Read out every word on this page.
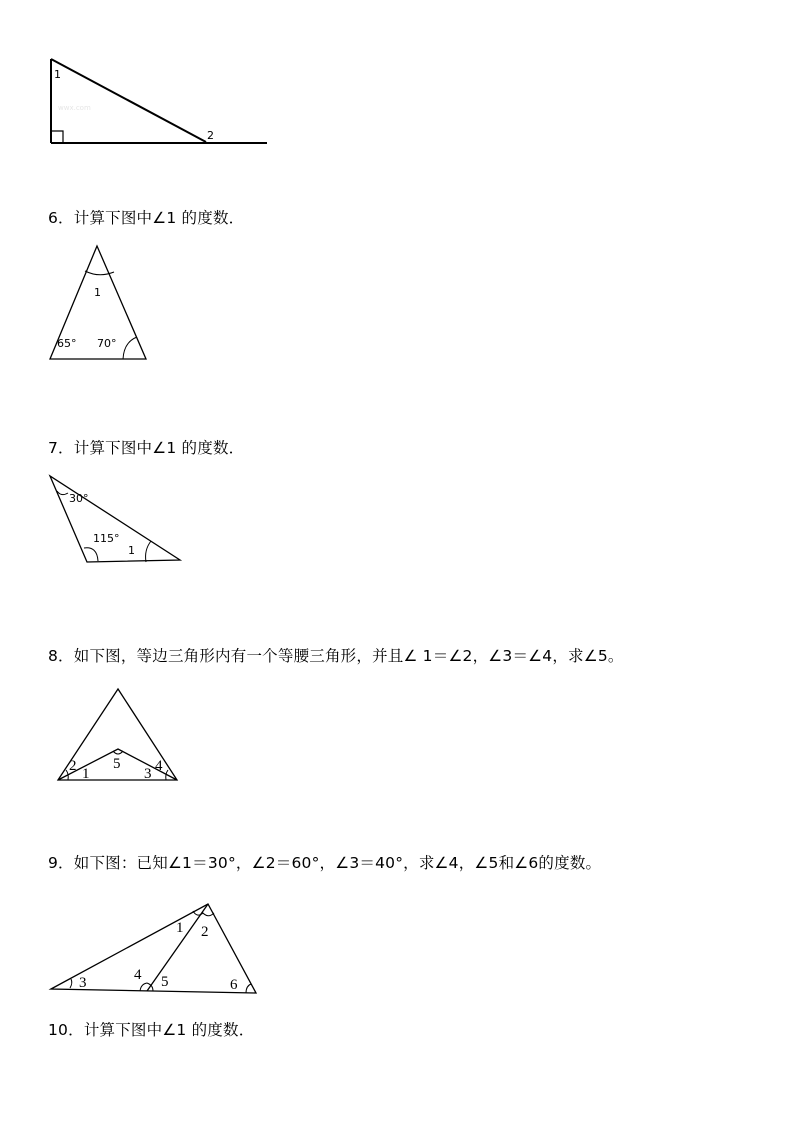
1
2
wwx.com
6．计算下图中∠1 的度数．
1
65° 70°
7．计算下图中∠1 的度数．
30°
115°
1
8．如下图，等边三角形内有一个等腰三角形，并且∠ 1＝∠2，∠3＝∠4，求∠5。
2 1
5
3 4
9．如下图：已知∠1＝30°，∠2＝60°，∠3＝40°，求∠4，∠5和∠6的度数。
1 2
3	4 5	6
10．计算下图中∠1 的度数．
